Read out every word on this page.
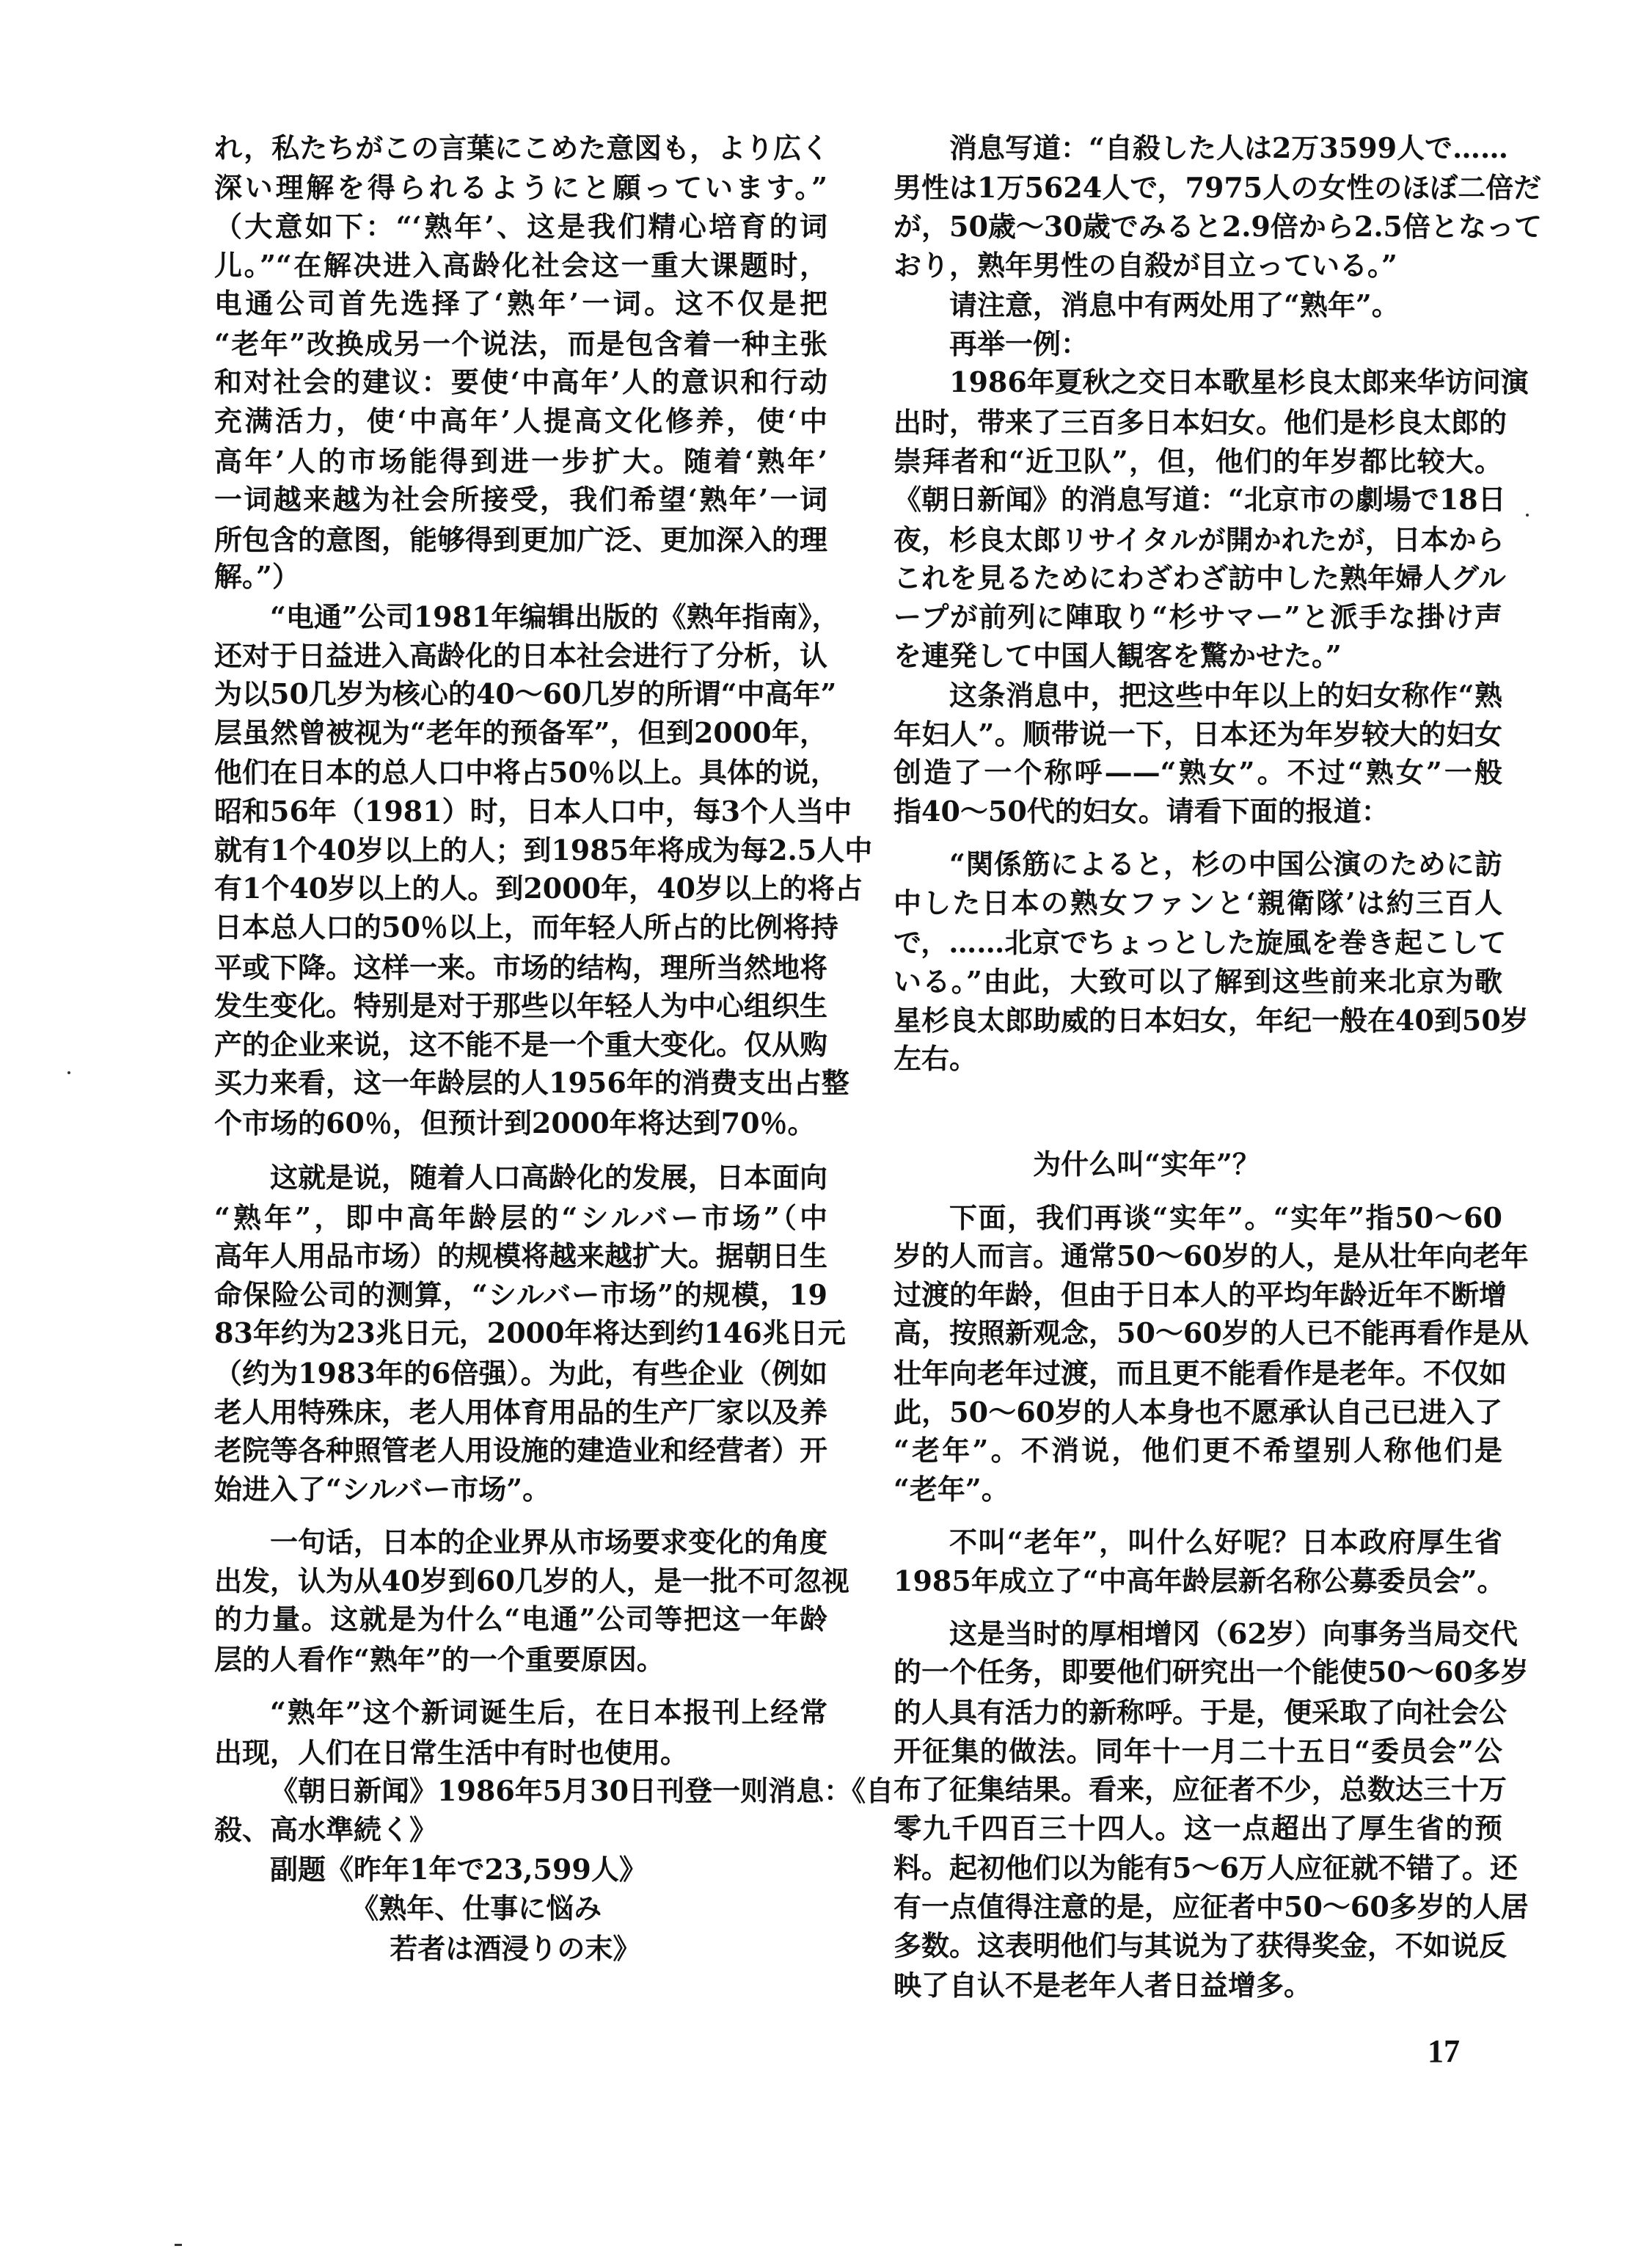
れ，私たちがこの言葉にこめた意図も，より広く
深い理解を得られるようにと願っています。”
（大意如下：“‘熟年’、这是我们精心培育的词
儿。”“在解决进入高龄化社会这一重大课题时，
电通公司首先选择了‘熟年’一词。这不仅是把
“老年”改换成另一个说法，而是包含着一种主张
和对社会的建议：要使‘中高年’人的意识和行动
充满活力，使‘中高年’人提高文化修养，使‘中
高年’人的市场能得到进一步扩大。随着‘熟年’
一词越来越为社会所接受，我们希望‘熟年’一词
所包含的意图，能够得到更加广泛、更加深入的理
解。”）
“电通”公司1981年编辑出版的《熟年指南》，
还对于日益进入高龄化的日本社会进行了分析，认
为以50几岁为核心的40～60几岁的所谓“中高年”
层虽然曾被视为“老年的预备军”，但到2000年，
他们在日本的总人口中将占50％以上。具体的说，
昭和56年（1981）时，日本人口中，每3个人当中
就有1个40岁以上的人；到1985年将成为每2.5人中
有1个40岁以上的人。到2000年，40岁以上的将占
日本总人口的50％以上，而年轻人所占的比例将持
平或下降。这样一来。市场的结构，理所当然地将
发生变化。特别是对于那些以年轻人为中心组织生
产的企业来说，这不能不是一个重大变化。仅从购
买力来看，这一年龄层的人1956年的消费支出占整
个市场的60％，但预计到2000年将达到70％。
这就是说，随着人口高龄化的发展，日本面向
“熟年”，即中高年龄层的“シルバー市场”（中
高年人用品市场）的规模将越来越扩大。据朝日生
命保险公司的测算，“シルバー市场”的规模，19
83年约为23兆日元，2000年将达到约146兆日元
（约为1983年的6倍强）。为此，有些企业（例如
老人用特殊床，老人用体育用品的生产厂家以及养
老院等各种照管老人用设施的建造业和经营者）开
始进入了“シルバー市场”。
一句话，日本的企业界从市场要求变化的角度
出发，认为从40岁到60几岁的人，是一批不可忽视
的力量。这就是为什么“电通”公司等把这一年龄
层的人看作“熟年”的一个重要原因。
“熟年”这个新词诞生后，在日本报刊上经常
出现，人们在日常生活中有时也使用。
《朝日新闻》1986年5月30日刊登一则消息：《自
殺、高水準続く》
副题《昨年1年で23,599人》
《熟年、仕事に悩み
若者は酒浸りの末》
消息写道：“自殺した人は2万3599人で……
男性は1万5624人で，7975人の女性のほぼ二倍だ
が，50歳～30歳でみると2.9倍から2.5倍となって
おり，熟年男性の自殺が目立っている。”
请注意，消息中有两处用了“熟年”。
再举一例：
1986年夏秋之交日本歌星杉良太郎来华访问演
出时，带来了三百多日本妇女。他们是杉良太郎的
崇拜者和“近卫队”，但，他们的年岁都比较大。
《朝日新闻》的消息写道：“北京市の劇場で18日
夜，杉良太郎リサイタルが開かれたが，日本から
これを見るためにわざわざ訪中した熟年婦人グル
ープが前列に陣取り“杉サマー”と派手な掛け声
を連発して中国人観客を驚かせた。”
这条消息中，把这些中年以上的妇女称作“熟
年妇人”。顺带说一下，日本还为年岁较大的妇女
创造了一个称呼——“熟女”。不过“熟女”一般
指40～50代的妇女。请看下面的报道：
“関係筋によると，杉の中国公演のために訪
中した日本の熟女ファンと‘親衛隊’は約三百人
で，……北京でちょっとした旋風を巻き起こして
いる。”由此，大致可以了解到这些前来北京为歌
星杉良太郎助威的日本妇女，年纪一般在40到50岁
左右。
为什么叫“实年”？
下面，我们再谈“实年”。“实年”指50～60
岁的人而言。通常50～60岁的人，是从壮年向老年
过渡的年龄，但由于日本人的平均年龄近年不断增
高，按照新观念，50～60岁的人已不能再看作是从
壮年向老年过渡，而且更不能看作是老年。不仅如
此，50～60岁的人本身也不愿承认自己已进入了
“老年”。不消说，他们更不希望别人称他们是
“老年”。
不叫“老年”，叫什么好呢？日本政府厚生省
1985年成立了“中高年龄层新名称公募委员会”。
这是当时的厚相增冈（62岁）向事务当局交代
的一个任务，即要他们研究出一个能使50～60多岁
的人具有活力的新称呼。于是，便采取了向社会公
开征集的做法。同年十一月二十五日“委员会”公
布了征集结果。看来，应征者不少，总数达三十万
零九千四百三十四人。这一点超出了厚生省的预
料。起初他们以为能有5～6万人应征就不错了。还
有一点值得注意的是，应征者中50～60多岁的人居
多数。这表明他们与其说为了获得奖金，不如说反
映了自认不是老年人者日益增多。
17
